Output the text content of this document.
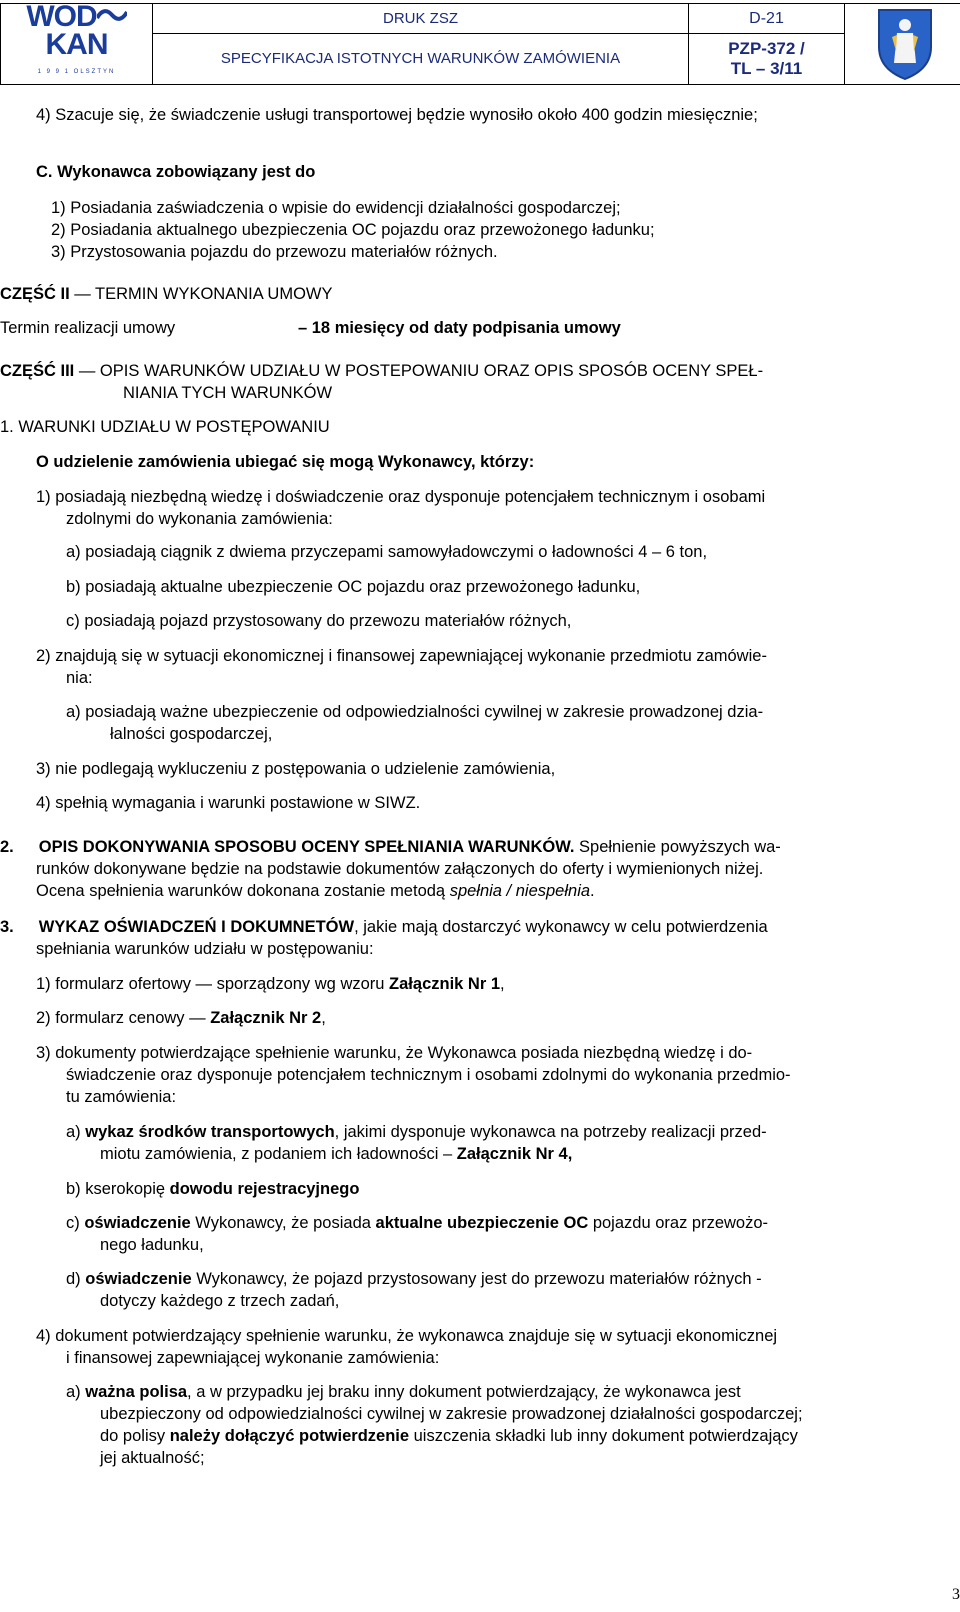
WODKAN
1 9 9 1 OLSZTYN	DRUK ZSZ	D-21	

	SPECYFIKACJA ISTOTNYCH WARUNKÓW ZAMÓWIENIA	PZP-372 /
TL – 3/11	
4) Szacuje się, że świadczenie usługi transportowej będzie wynosiło około 400 godzin miesięcznie;
C. Wykonawca zobowiązany jest do
1) Posiadania zaświadczenia o wpisie do ewidencji działalności gospodarczej;
2) Posiadania aktualnego ubezpieczenia OC pojazdu oraz przewożonego ładunku;
3) Przystosowania pojazdu do przewozu materiałów różnych.
CZĘŚĆ II — TERMIN WYKONANIA UMOWY
Termin realizacji umowy	– 18 miesięcy od daty podpisania umowy
CZĘŚĆ III — OPIS WARUNKÓW UDZIAŁU W POSTEPOWANIU ORAZ OPIS SPOSÓB OCENY SPEŁ-
NIANIA TYCH WARUNKÓW
1. WARUNKI UDZIAŁU W POSTĘPOWANIU
O udzielenie zamówienia ubiegać się mogą Wykonawcy, którzy:
1) posiadają niezbędną wiedzę i doświadczenie oraz dysponuje potencjałem technicznym i osobami
zdolnymi do wykonania zamówienia:
a) posiadają ciągnik z dwiema przyczepami samowyładowczymi o ładowności 4 – 6 ton,
b) posiadają aktualne ubezpieczenie OC pojazdu oraz przewożonego ładunku,
c) posiadają pojazd przystosowany do przewozu materiałów różnych,
2) znajdują się w sytuacji ekonomicznej i finansowej zapewniającej wykonanie przedmiotu zamówie-
nia:
a) posiadają ważne ubezpieczenie od odpowiedzialności cywilnej w zakresie prowadzonej dzia-
łalności gospodarczej,
3) nie podlegają wykluczeniu z postępowania o udzielenie zamówienia,
4) spełnią wymagania i warunki postawione w SIWZ.
2. OPIS DOKONYWANIA SPOSOBU OCENY SPEŁNIANIA WARUNKÓW. Spełnienie powyższych wa-
runków dokonywane będzie na podstawie dokumentów załączonych do oferty i wymienionych niżej.
Ocena spełnienia warunków dokonana zostanie metodą spełnia / niespełnia.
3. WYKAZ OŚWIADCZEŃ I DOKUMNETÓW, jakie mają dostarczyć wykonawcy w celu potwierdzenia
spełniania warunków udziału w postępowaniu:
1) formularz ofertowy — sporządzony wg wzoru Załącznik Nr 1,
2) formularz cenowy — Załącznik Nr 2,
3) dokumenty potwierdzające spełnienie warunku, że Wykonawca posiada niezbędną wiedzę i do-
świadczenie oraz dysponuje potencjałem technicznym i osobami zdolnymi do wykonania przedmio-
tu zamówienia:
a) wykaz środków transportowych, jakimi dysponuje wykonawca na potrzeby realizacji przed-
miotu zamówienia, z podaniem ich ładowności – Załącznik Nr 4,
b) kserokopię dowodu rejestracyjnego
c) oświadczenie Wykonawcy, że posiada aktualne ubezpieczenie OC pojazdu oraz przewożo-
nego ładunku,
d) oświadczenie Wykonawcy, że pojazd przystosowany jest do przewozu materiałów różnych -
dotyczy każdego z trzech zadań,
4) dokument potwierdzający spełnienie warunku, że wykonawca znajduje się w sytuacji ekonomicznej
i finansowej zapewniającej wykonanie zamówienia:
a) ważna polisa, a w przypadku jej braku inny dokument potwierdzający, że wykonawca jest
ubezpieczony od odpowiedzialności cywilnej w zakresie prowadzonej działalności gospodarczej;
do polisy należy dołączyć potwierdzenie uiszczenia składki lub inny dokument potwierdzający
jej aktualność;
3
